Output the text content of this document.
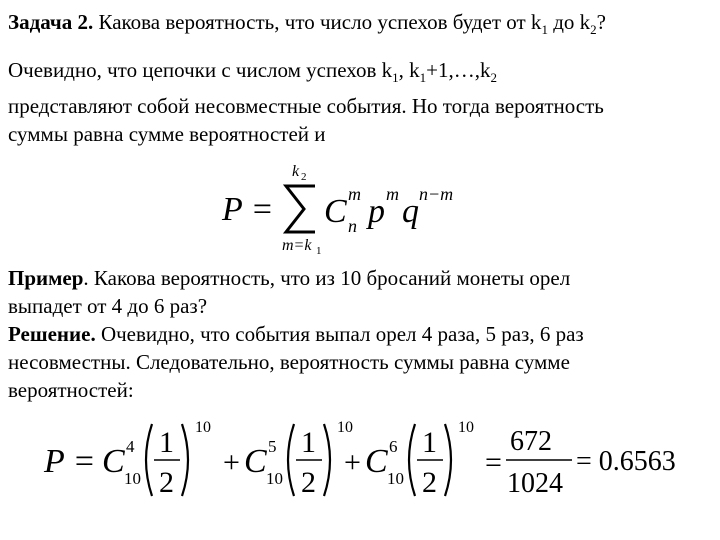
Задача 2. Какова вероятность, что число успехов будет от $k_1$ до $k_2$?
Очевидно, что цепочки с числом успехов $k_1$, $k_1+1,\dots,k_2$
представляют собой несовместные события. Но тогда вероятность
суммы равна сумме вероятностей и
P =
k 2
m=k 1
C m
n p m q n−m
Пример. Какова вероятность, что из 10 бросаний монеты орел
выпадет от 4 до 6 раз?
Решение. Очевидно, что события выпал орел 4 раза, 5 раз, 6 раз
несовместны. Следовательно, вероятность суммы равна сумме
вероятностей:
P = C 4
10
1
2
10
+ C 5
10
1
2
10
+ C 6
10
1
2
10
=
672
1024
= 0.6563
